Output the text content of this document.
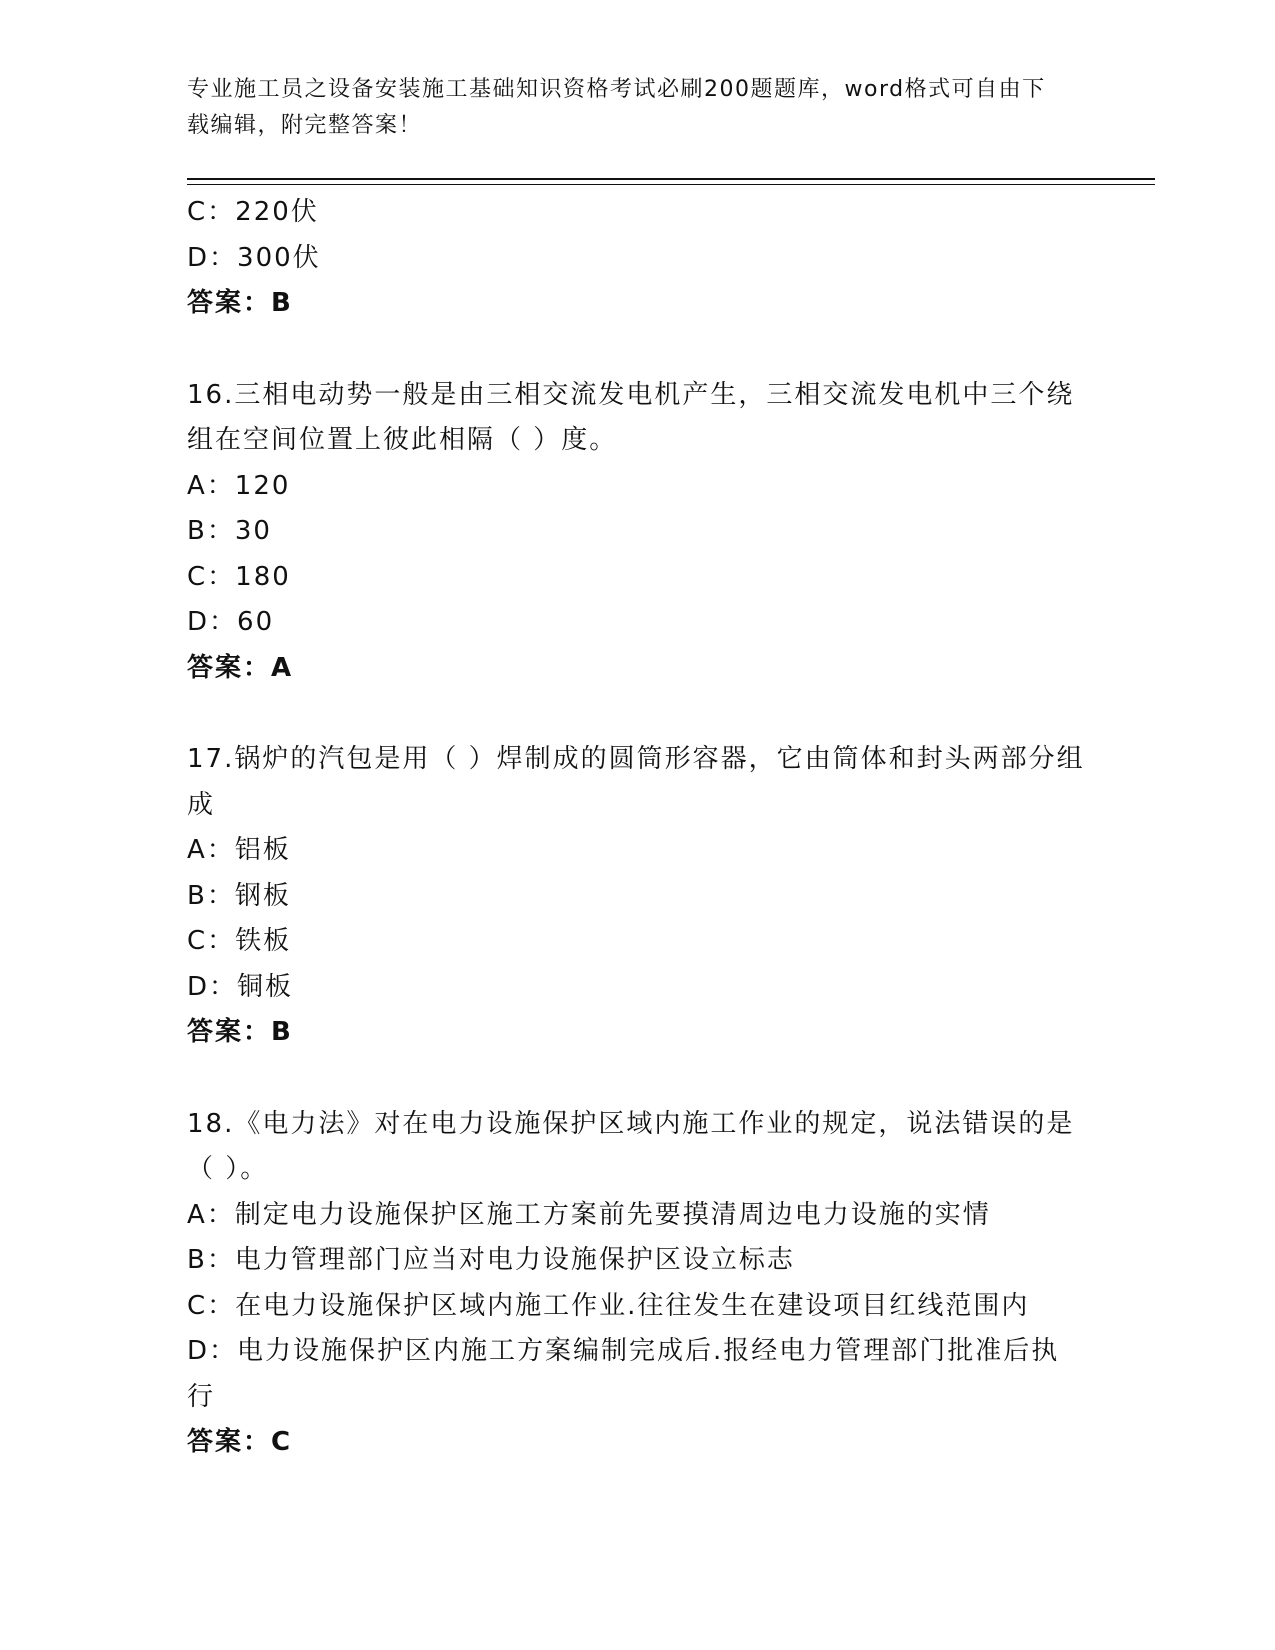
专业施工员之设备安装施工基础知识资格考试必刷200题题库，word格式可自由下载编辑，附完整答案！

C：220伏

D：300伏

答案：B

16.三相电动势一般是由三相交流发电机产生，三相交流发电机中三个绕组在空间位置上彼此相隔（ ）度。

A：120

B：30

C：180

D：60

答案：A

17.锅炉的汽包是用（ ）焊制成的圆筒形容器，它由筒体和封头两部分组成

A：铝板

B：钢板

C：铁板

D：铜板

答案：B

18.《电力法》对在电力设施保护区域内施工作业的规定，说法错误的是（ ）。

A：制定电力设施保护区施工方案前先要摸清周边电力设施的实情

B：电力管理部门应当对电力设施保护区设立标志

C：在电力设施保护区域内施工作业.往往发生在建设项目红线范围内

D：电力设施保护区内施工方案编制完成后.报经电力管理部门批准后执行

答案：C
